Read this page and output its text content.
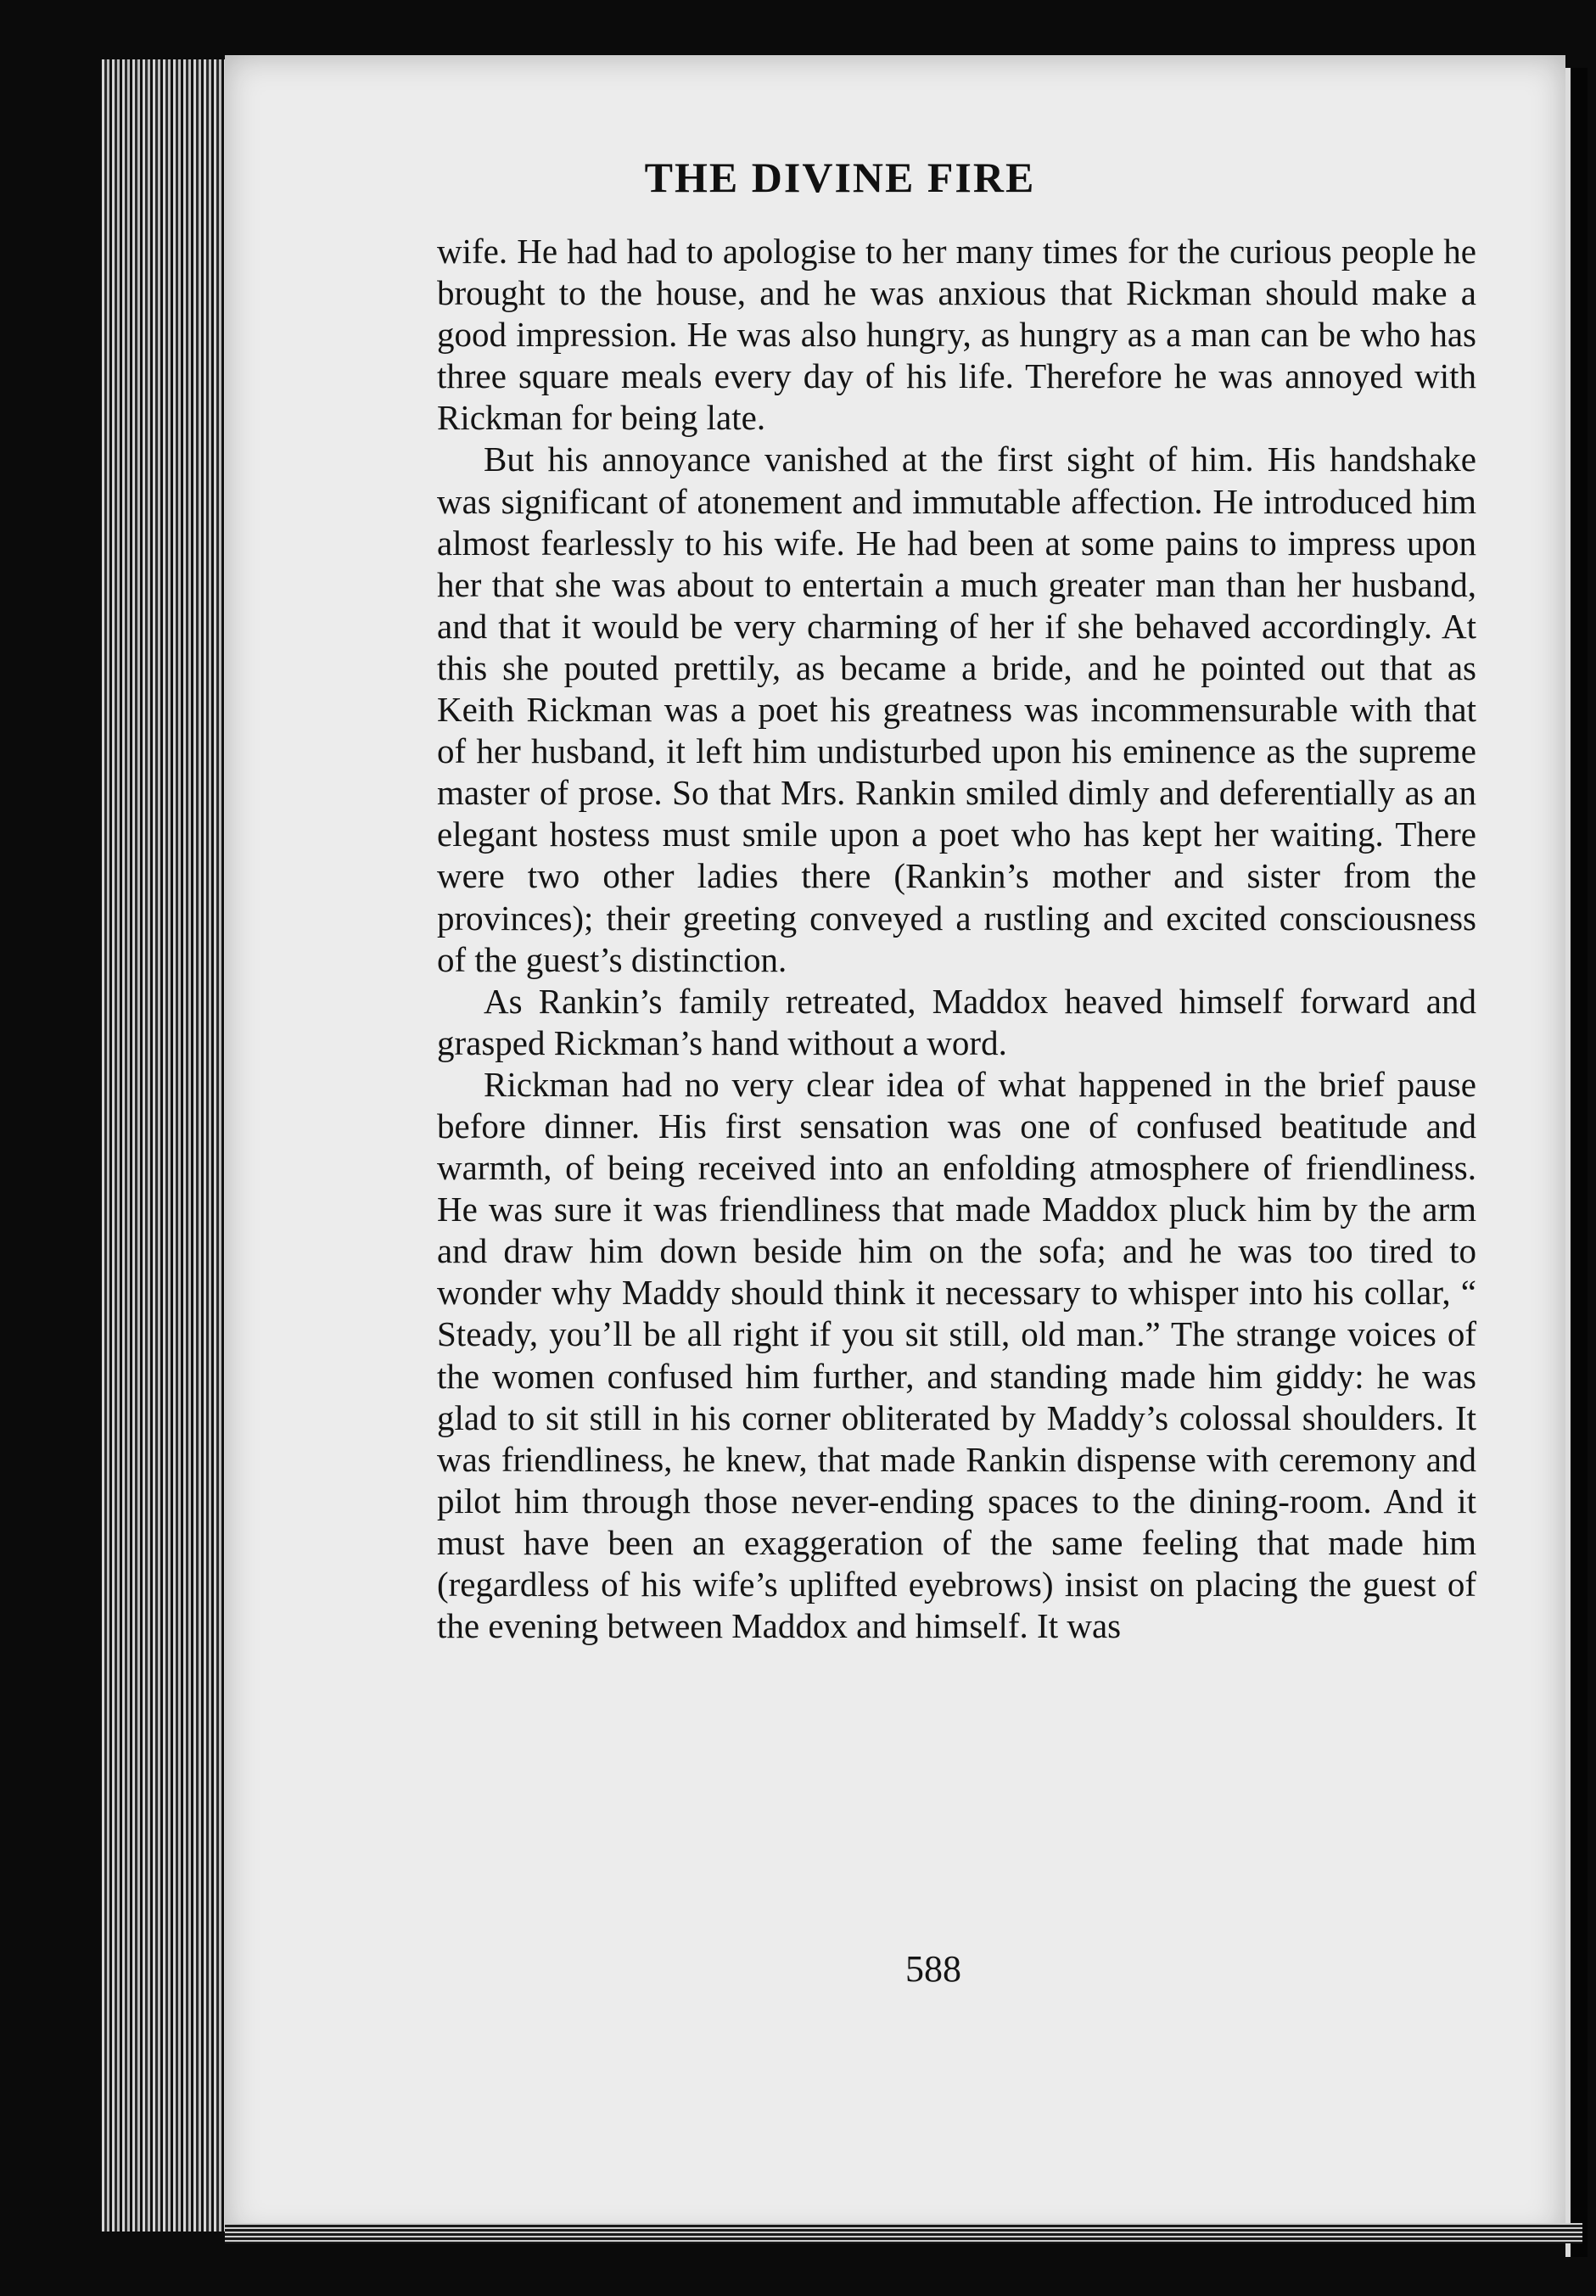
THE DIVINE FIRE

wife. He had had to apologise to her many times for the curious people he brought to the house, and he was anxious that Rickman should make a good impression. He was also hungry, as hungry as a man can be who has three square meals every day of his life. Therefore he was annoyed with Rickman for being late.

But his annoyance vanished at the first sight of him. His handshake was significant of atonement and immutable affection. He introduced him almost fearlessly to his wife. He had been at some pains to impress upon her that she was about to entertain a much greater man than her husband, and that it would be very charming of her if she behaved accordingly. At this she pouted prettily, as became a bride, and he pointed out that as Keith Rickman was a poet his greatness was incommensurable with that of her husband, it left him undisturbed upon his eminence as the supreme master of prose. So that Mrs. Rankin smiled dimly and deferentially as an elegant hostess must smile upon a poet who has kept her waiting. There were two other ladies there (Rankin’s mother and sister from the provinces); their greeting conveyed a rustling and excited consciousness of the guest’s distinction.

As Rankin’s family retreated, Maddox heaved himself forward and grasped Rickman’s hand without a word.

Rickman had no very clear idea of what happened in the brief pause before dinner. His first sensation was one of confused beatitude and warmth, of being received into an enfolding atmosphere of friendliness. He was sure it was friendliness that made Maddox pluck him by the arm and draw him down beside him on the sofa; and he was too tired to wonder why Maddy should think it necessary to whisper into his collar, “ Steady, you’ll be all right if you sit still, old man.” The strange voices of the women confused him further, and standing made him giddy: he was glad to sit still in his corner obliterated by Maddy’s colossal shoulders. It was friendliness, he knew, that made Rankin dispense with ceremony and pilot him through those never-ending spaces to the dining-room. And it must have been an exaggeration of the same feeling that made him (regardless of his wife’s uplifted eyebrows) insist on placing the guest of the evening between Maddox and himself. It was

588
